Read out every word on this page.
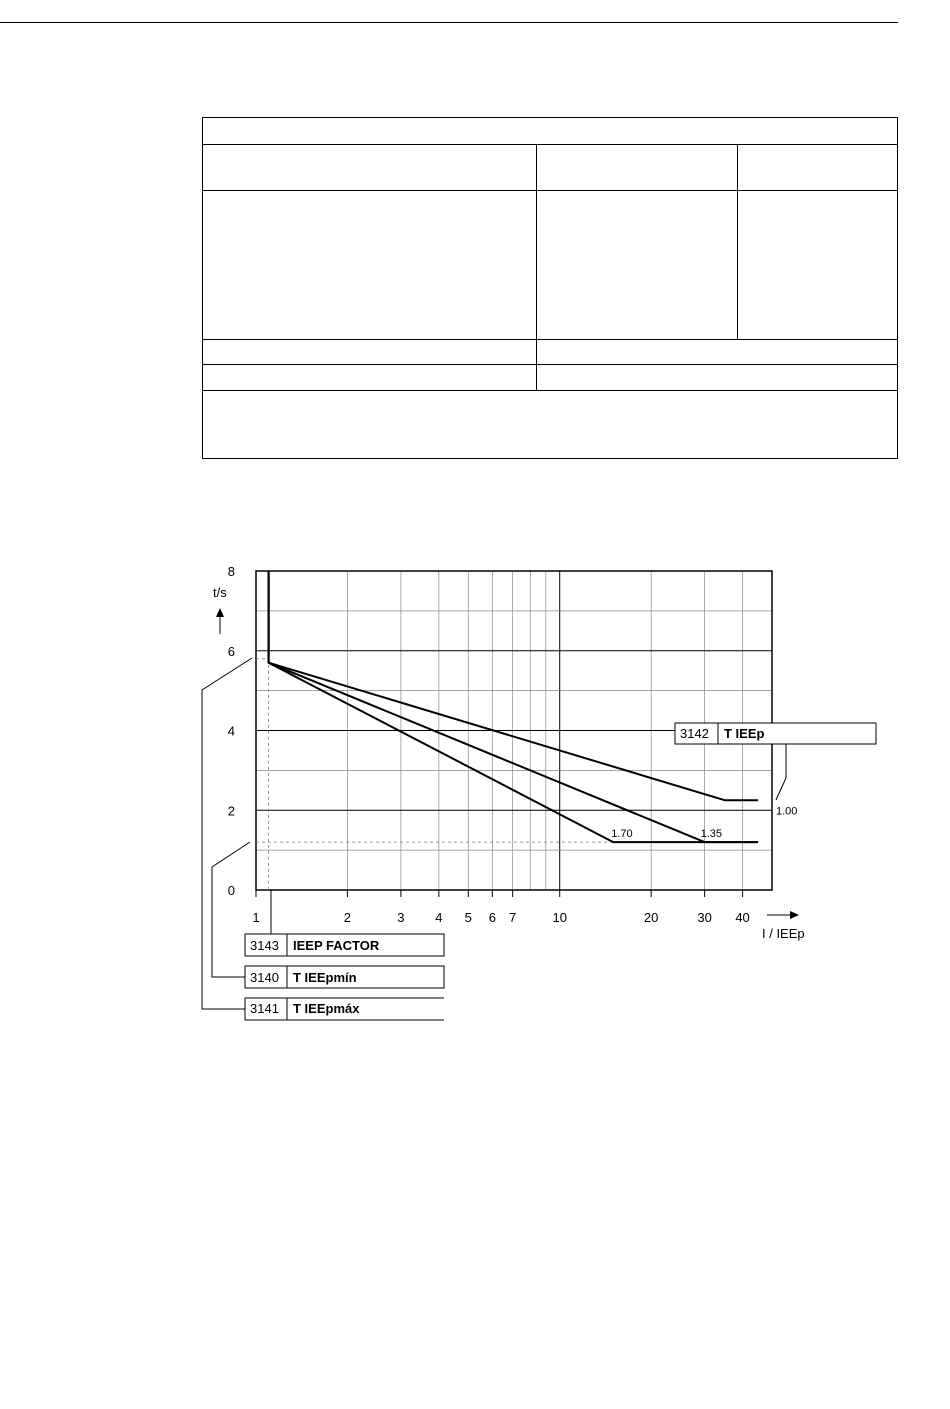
1	2	3 4 5 6 7	10	20	30 40
0
2
4
6
8
t/s
I / IEEp
1.00
1.35
1.70
3142 T IEEp
3143 IEEP FACTOR
3140 T IEEpmín
3141 T IEEpmáx
